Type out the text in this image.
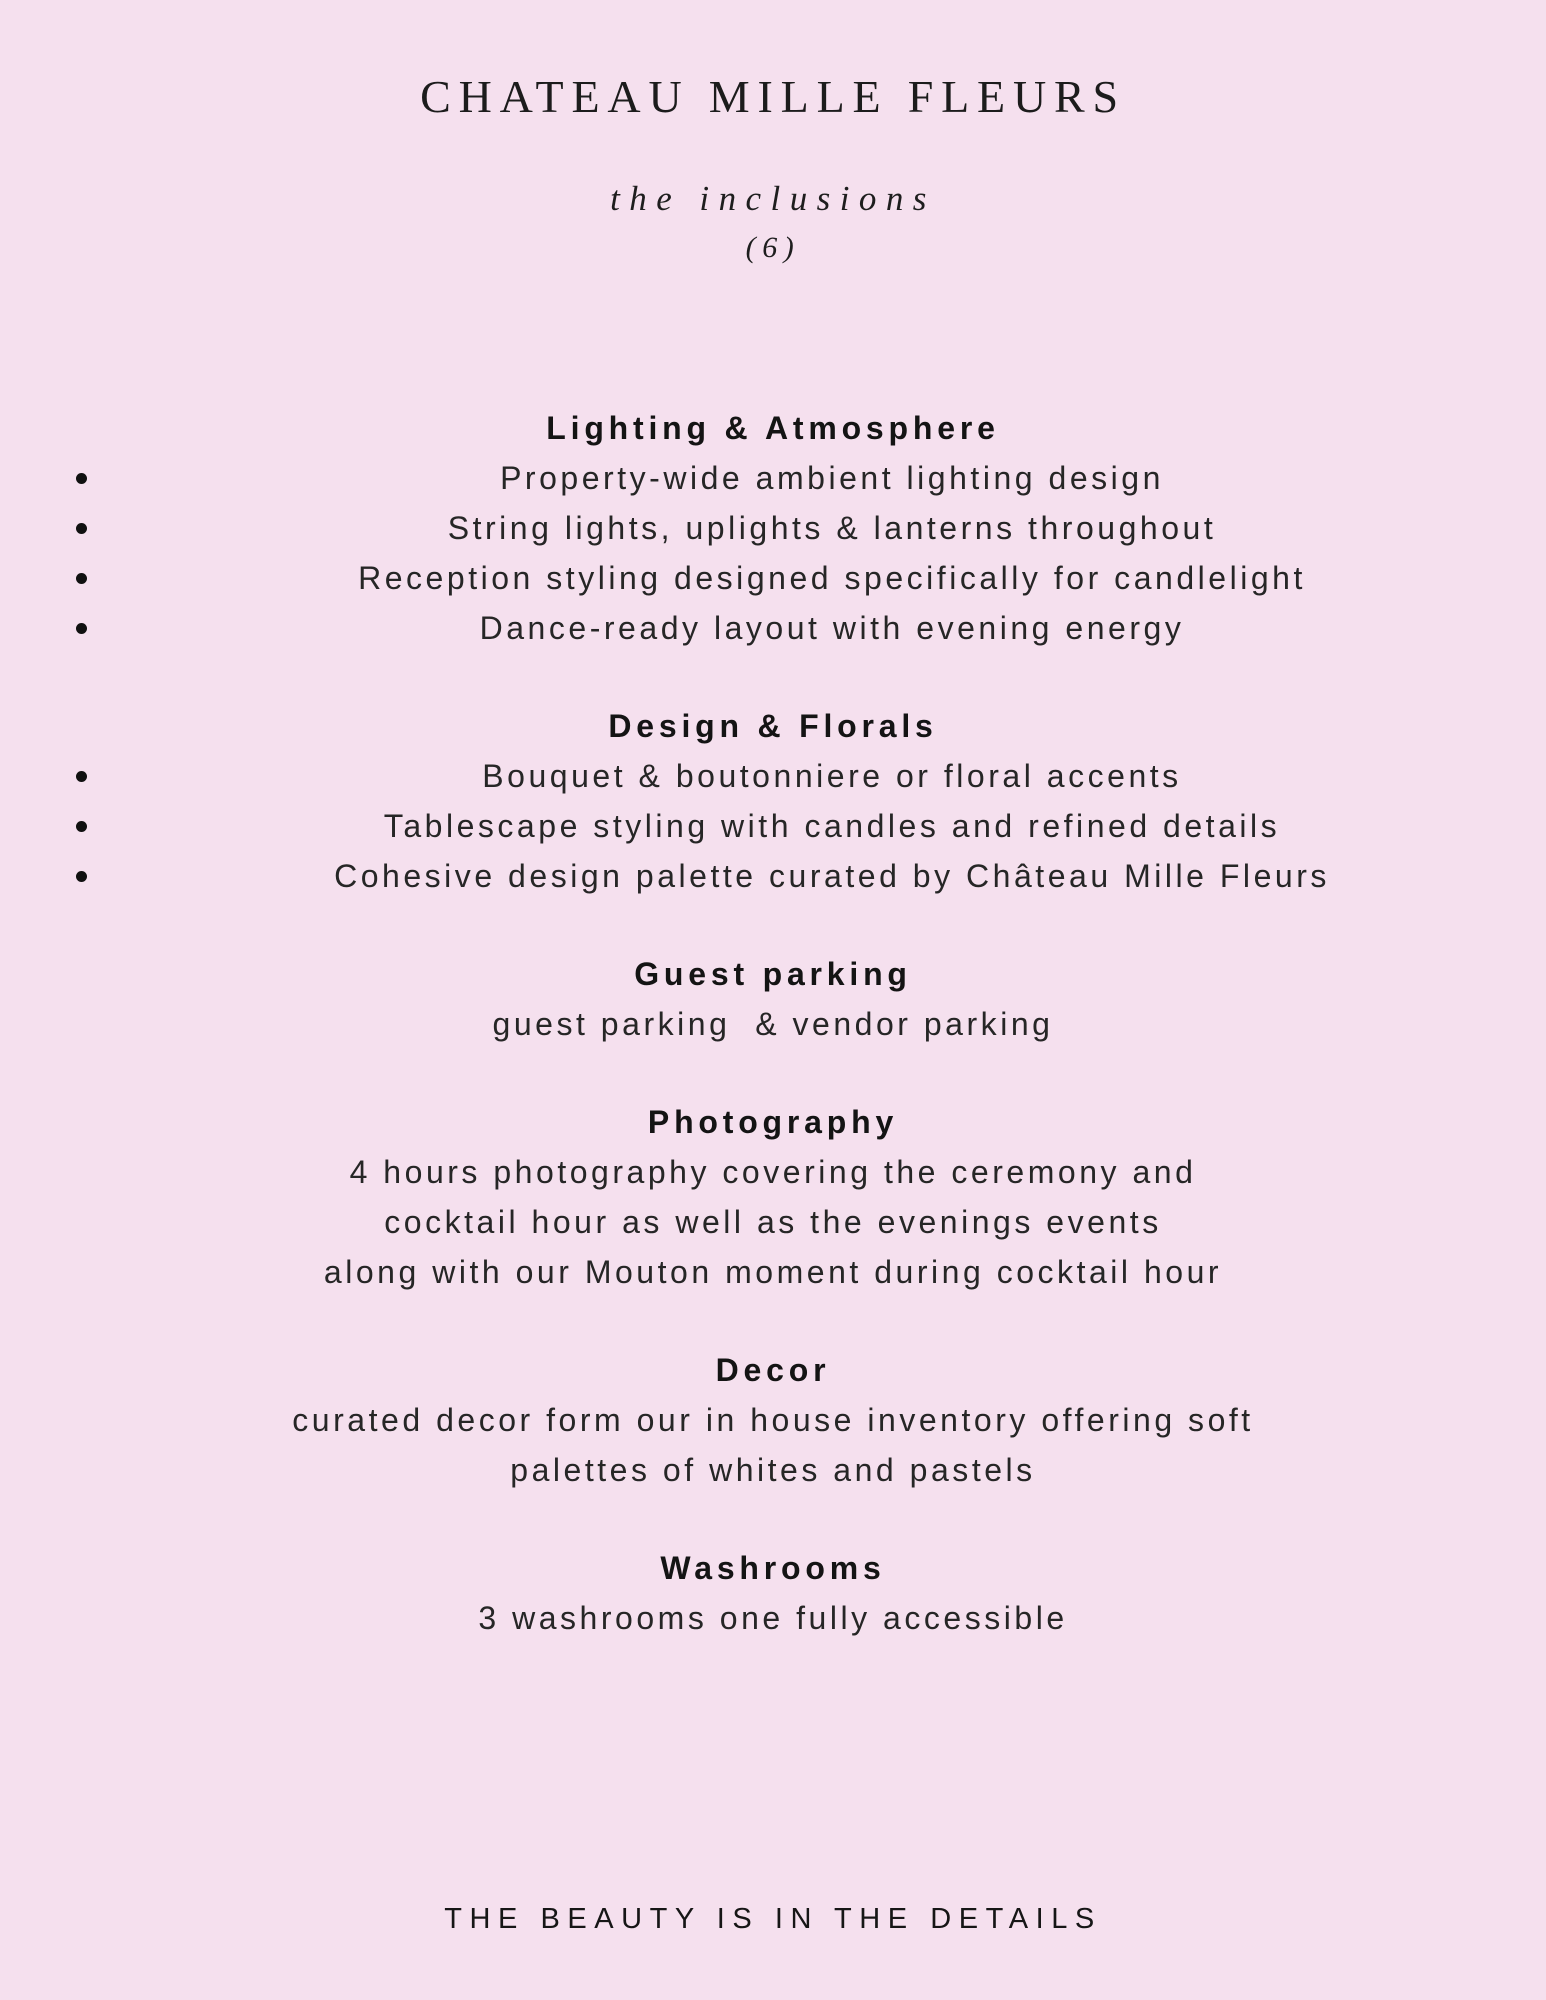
CHATEAU MILLE FLEURS
the inclusions
(6)
Lighting & Atmosphere
Property-wide ambient lighting design
String lights, uplights & lanterns throughout
Reception styling designed specifically for candlelight
Dance-ready layout with evening energy
Design & Florals
Bouquet & boutonniere or floral accents
Tablescape styling with candles and refined details
Cohesive design palette curated by Château Mille Fleurs
Guest parking
guest parking  & vendor parking
Photography
4 hours photography covering the ceremony and
cocktail hour as well as the evenings events
along with our Mouton moment during cocktail hour
Decor
curated decor form our in house inventory offering soft
palettes of whites and pastels
Washrooms
3 washrooms one fully accessible
THE BEAUTY IS IN THE DETAILS
